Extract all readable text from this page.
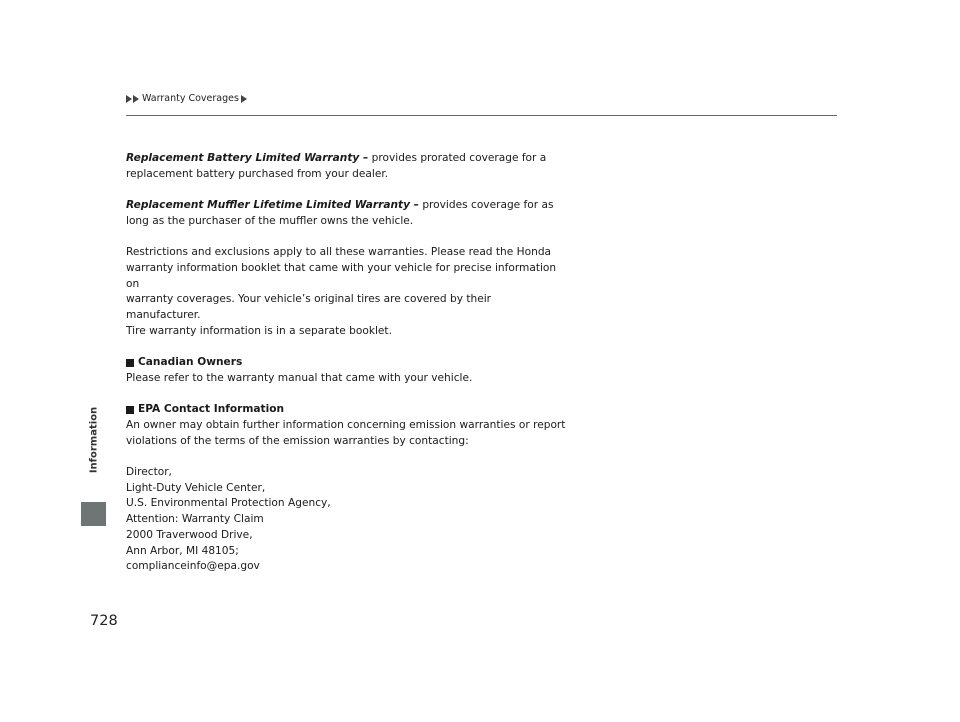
Warranty Coverages
Information

Replacement Battery Limited Warranty – provides prorated coverage for a
replacement battery purchased from your dealer.

Replacement Muffler Lifetime Limited Warranty – provides coverage for as
long as the purchaser of the muffler owns the vehicle.

Restrictions and exclusions apply to all these warranties. Please read the Honda
warranty information booklet that came with your vehicle for precise information on
warranty coverages. Your vehicle’s original tires are covered by their manufacturer.
Tire warranty information is in a separate booklet.

Canadian Owners

Please refer to the warranty manual that came with your vehicle.

EPA Contact Information

An owner may obtain further information concerning emission warranties or report
violations of the terms of the emission warranties by contacting:

Director,
Light-Duty Vehicle Center,
U.S. Environmental Protection Agency,
Attention: Warranty Claim
2000 Traverwood Drive,
Ann Arbor, MI 48105;
complianceinfo@epa.gov

728
